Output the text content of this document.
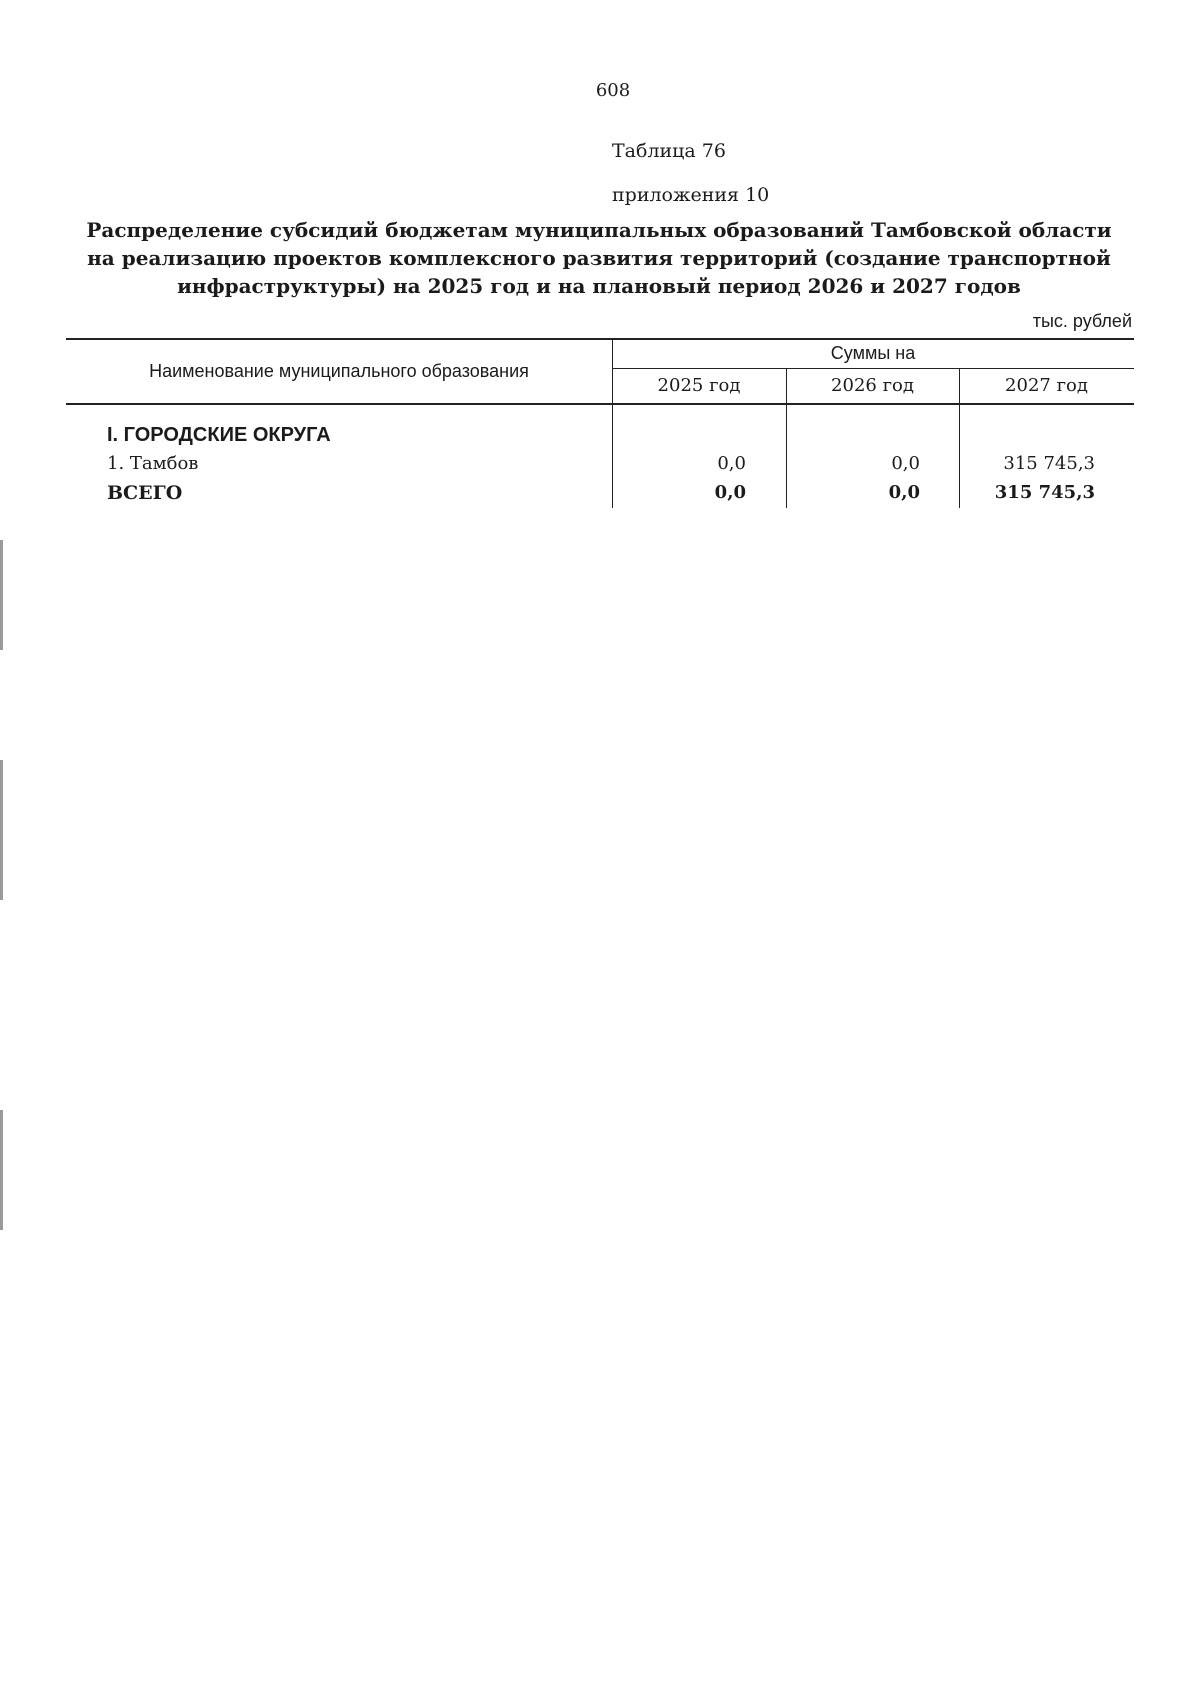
608
Таблица 76
приложения 10
Распределение субсидий бюджетам муниципальных образований Тамбовской области
на реализацию проектов комплексного развития территорий (создание транспортной
инфраструктуры) на 2025 год и на плановый период 2026 и 2027 годов
тыс. рублей
Наименование муниципального образования
Суммы на
2025 год	2026 год	2027 год
I. ГОРОДСКИЕ ОКРУГА
1. Тамбов	0,0	0,0	315 745,3
ВСЕГО	0,0	0,0	315 745,3
